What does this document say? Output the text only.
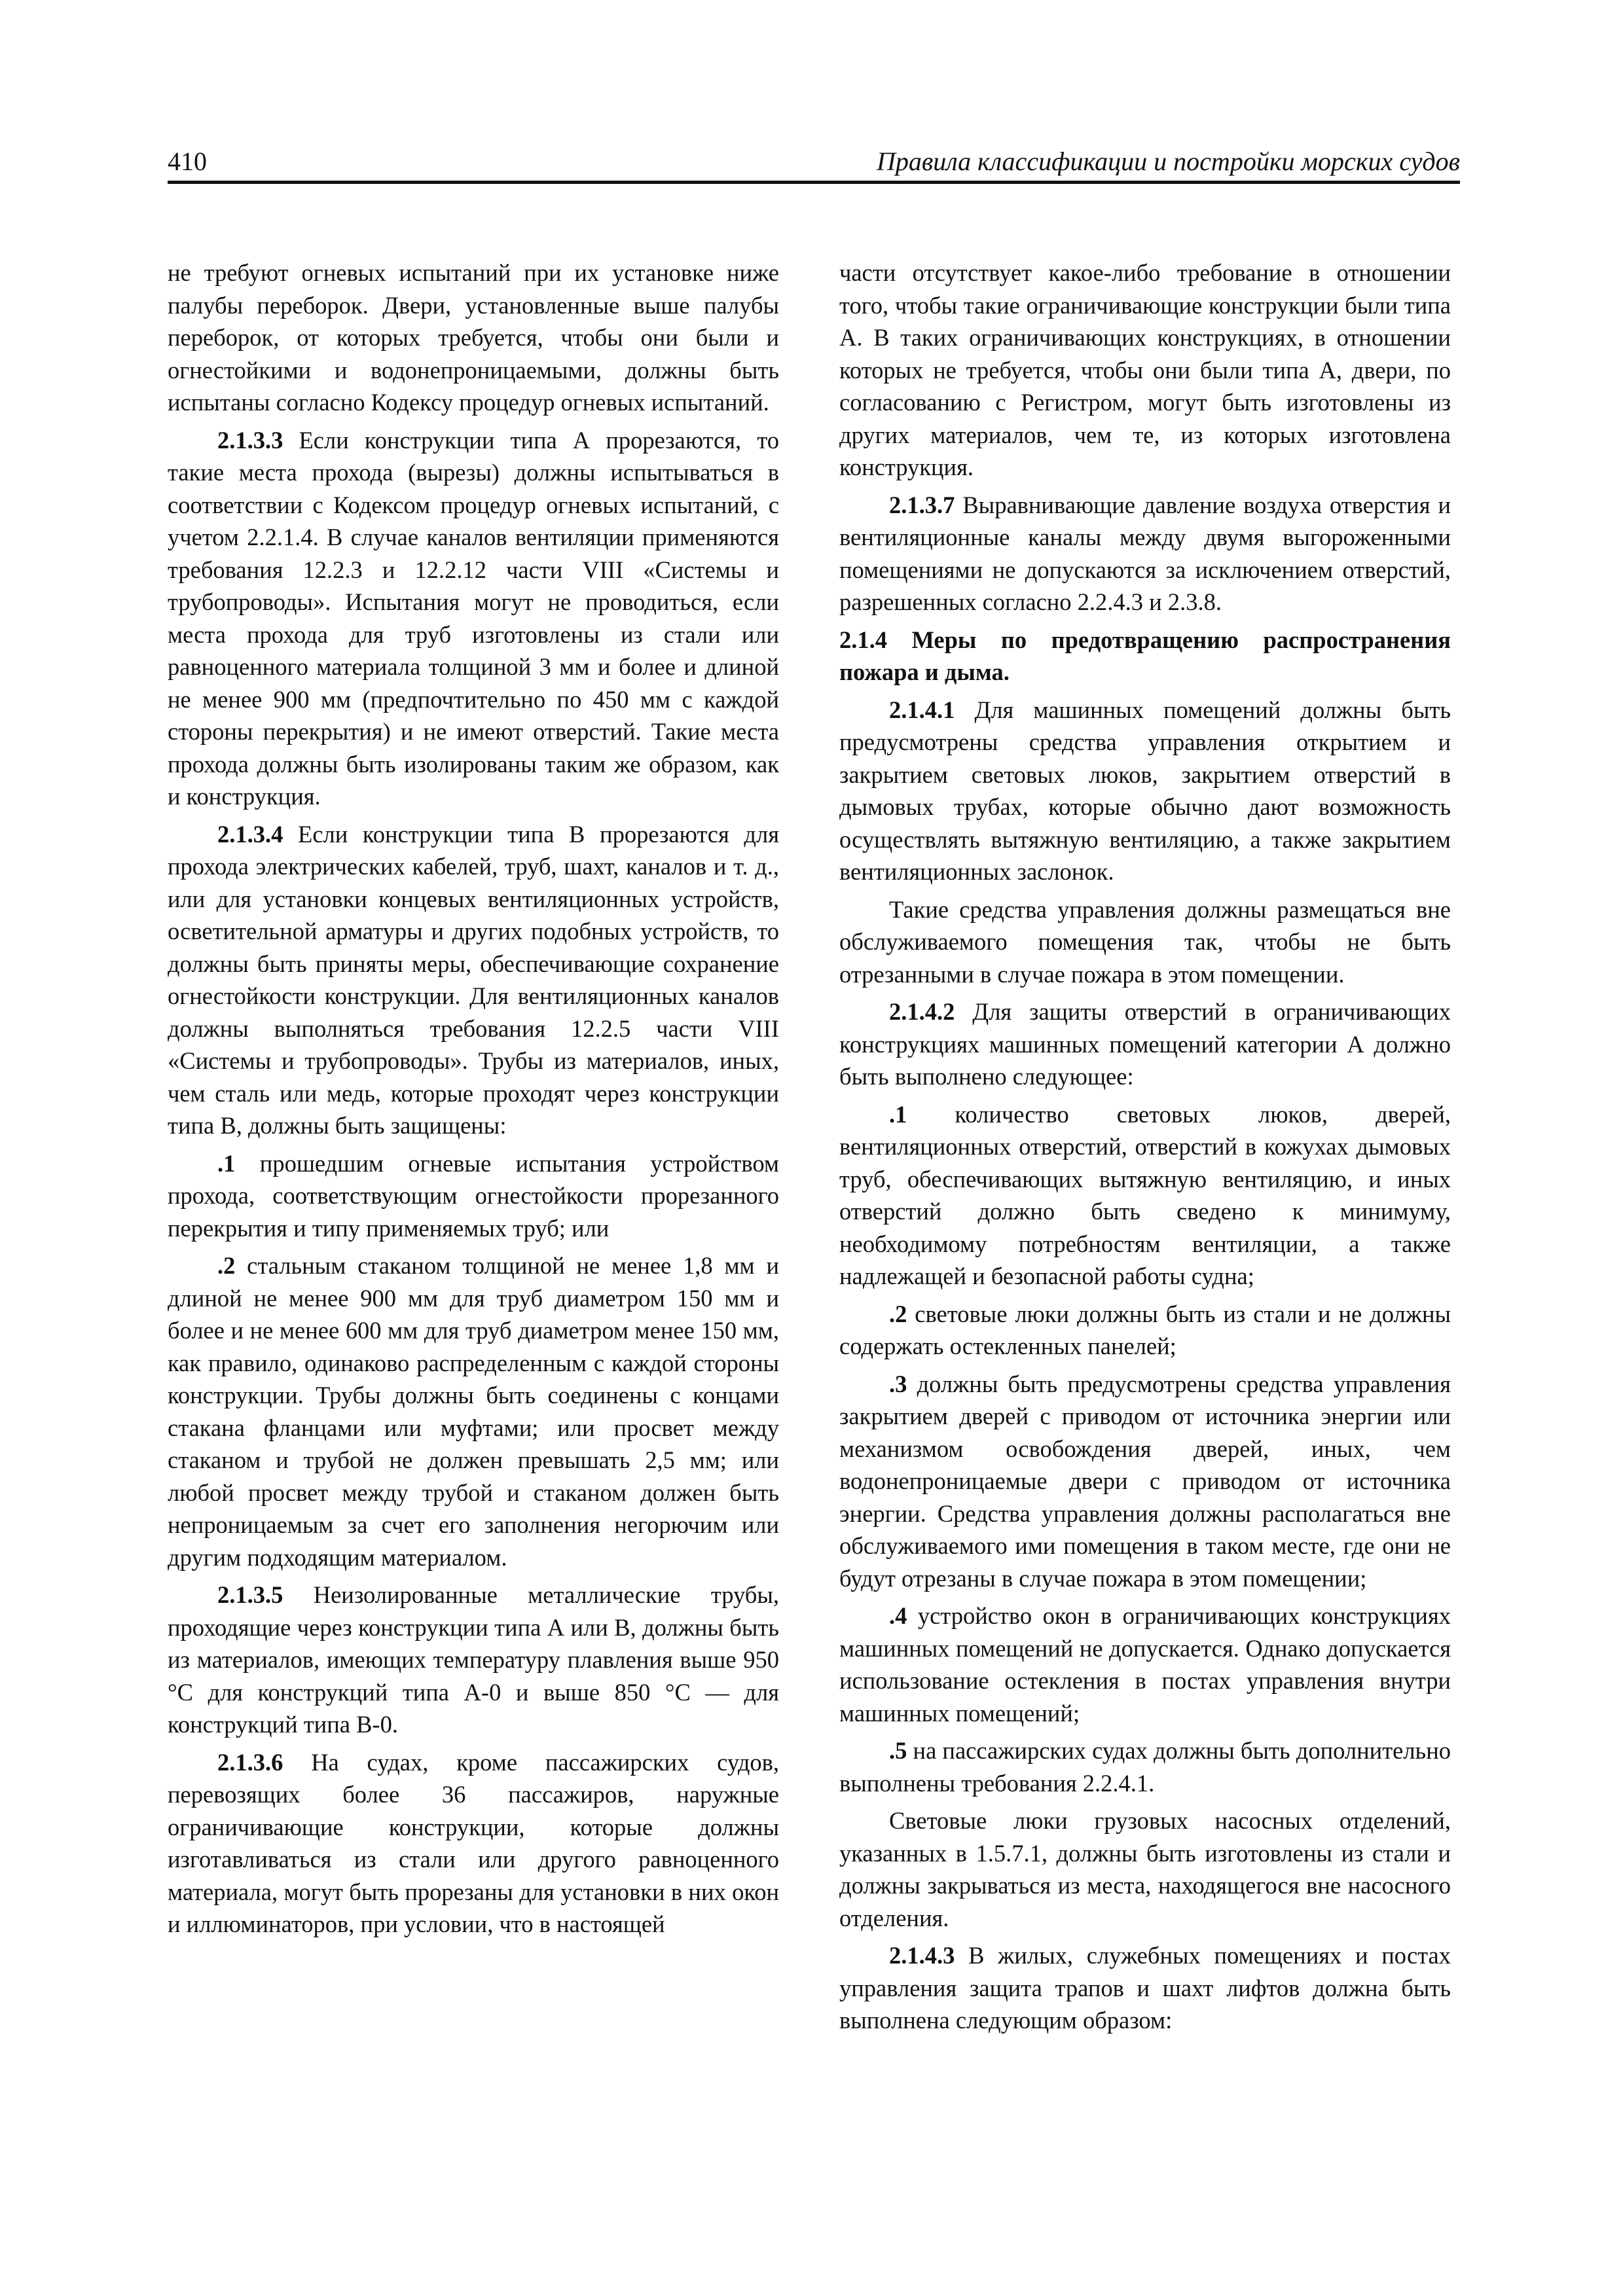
410	Правила классификации и постройки морских судов

не требуют огневых испытаний при их установке ниже палубы переборок. Двери, установленные выше палубы переборок, от которых требуется, чтобы они были и огнестойкими и водонепроницаемыми, должны быть испытаны согласно Кодексу процедур огневых испытаний.

2.1.3.3 Если конструкции типа А прорезаются, то такие места прохода (вырезы) должны испытываться в соответствии с Кодексом процедур огневых испытаний, с учетом 2.2.1.4. В случае каналов вентиляции применяются требования 12.2.3 и 12.2.12 части VIII «Системы и трубопроводы». Испытания могут не проводиться, если места прохода для труб изготовлены из стали или равноценного материала толщиной 3 мм и более и длиной не менее 900 мм (предпочтительно по 450 мм с каждой стороны перекрытия) и не имеют отверстий. Такие места прохода должны быть изолированы таким же образом, как и конструкция.

2.1.3.4 Если конструкции типа В прорезаются для прохода электрических кабелей, труб, шахт, каналов и т. д., или для установки концевых вентиляционных устройств, осветительной арматуры и других подобных устройств, то должны быть приняты меры, обеспечивающие сохранение огнестойкости конструкции. Для вентиляционных каналов должны выполняться требования 12.2.5 части VIII «Системы и трубопроводы». Трубы из материалов, иных, чем сталь или медь, которые проходят через конструкции типа В, должны быть защищены:

.1 прошедшим огневые испытания устройством прохода, соответствующим огнестойкости прорезанного перекрытия и типу применяемых труб; или

.2 стальным стаканом толщиной не менее 1,8 мм и длиной не менее 900 мм для труб диаметром 150 мм и более и не менее 600 мм для труб диаметром менее 150 мм, как правило, одинаково распределенным с каждой стороны конструкции. Трубы должны быть соединены с концами стакана фланцами или муфтами; или просвет между стаканом и трубой не должен превышать 2,5 мм; или любой просвет между трубой и стаканом должен быть непроницаемым за счет его заполнения негорючим или другим подходящим материалом.

2.1.3.5 Неизолированные металлические трубы, проходящие через конструкции типа А или В, должны быть из материалов, имеющих температуру плавления выше 950 °С для конструкций типа А-0 и выше 850 °С — для конструкций типа В-0.

2.1.3.6 На судах, кроме пассажирских судов, перевозящих более 36 пассажиров, наружные ограничивающие конструкции, которые должны изготавливаться из стали или другого равноценного материала, могут быть прорезаны для установки в них окон и иллюминаторов, при условии, что в настоящей

части отсутствует какое-либо требование в отношении того, чтобы такие ограничивающие конструкции были типа А. В таких ограничивающих конструкциях, в отношении которых не требуется, чтобы они были типа А, двери, по согласованию с Регистром, могут быть изготовлены из других материалов, чем те, из которых изготовлена конструкция.

2.1.3.7 Выравнивающие давление воздуха отверстия и вентиляционные каналы между двумя выгороженными помещениями не допускаются за исключением отверстий, разрешенных согласно 2.2.4.3 и 2.3.8.

2.1.4 Меры по предотвращению распространения пожара и дыма.

2.1.4.1 Для машинных помещений должны быть предусмотрены средства управления открытием и закрытием световых люков, закрытием отверстий в дымовых трубах, которые обычно дают возможность осуществлять вытяжную вентиляцию, а также закрытием вентиляционных заслонок.

Такие средства управления должны размещаться вне обслуживаемого помещения так, чтобы не быть отрезанными в случае пожара в этом помещении.

2.1.4.2 Для защиты отверстий в ограничивающих конструкциях машинных помещений категории А должно быть выполнено следующее:

.1 количество световых люков, дверей, вентиляционных отверстий, отверстий в кожухах дымовых труб, обеспечивающих вытяжную вентиляцию, и иных отверстий должно быть сведено к минимуму, необходимому потребностям вентиляции, а также надлежащей и безопасной работы судна;

.2 световые люки должны быть из стали и не должны содержать остекленных панелей;

.3 должны быть предусмотрены средства управления закрытием дверей с приводом от источника энергии или механизмом освобождения дверей, иных, чем водонепроницаемые двери с приводом от источника энергии. Средства управления должны располагаться вне обслуживаемого ими помещения в таком месте, где они не будут отрезаны в случае пожара в этом помещении;

.4 устройство окон в ограничивающих конструкциях машинных помещений не допускается. Однако допускается использование остекления в постах управления внутри машинных помещений;

.5 на пассажирских судах должны быть дополнительно выполнены требования 2.2.4.1.

Световые люки грузовых насосных отделений, указанных в 1.5.7.1, должны быть изготовлены из стали и должны закрываться из места, находящегося вне насосного отделения.

2.1.4.3 В жилых, служебных помещениях и постах управления защита трапов и шахт лифтов должна быть выполнена следующим образом:
